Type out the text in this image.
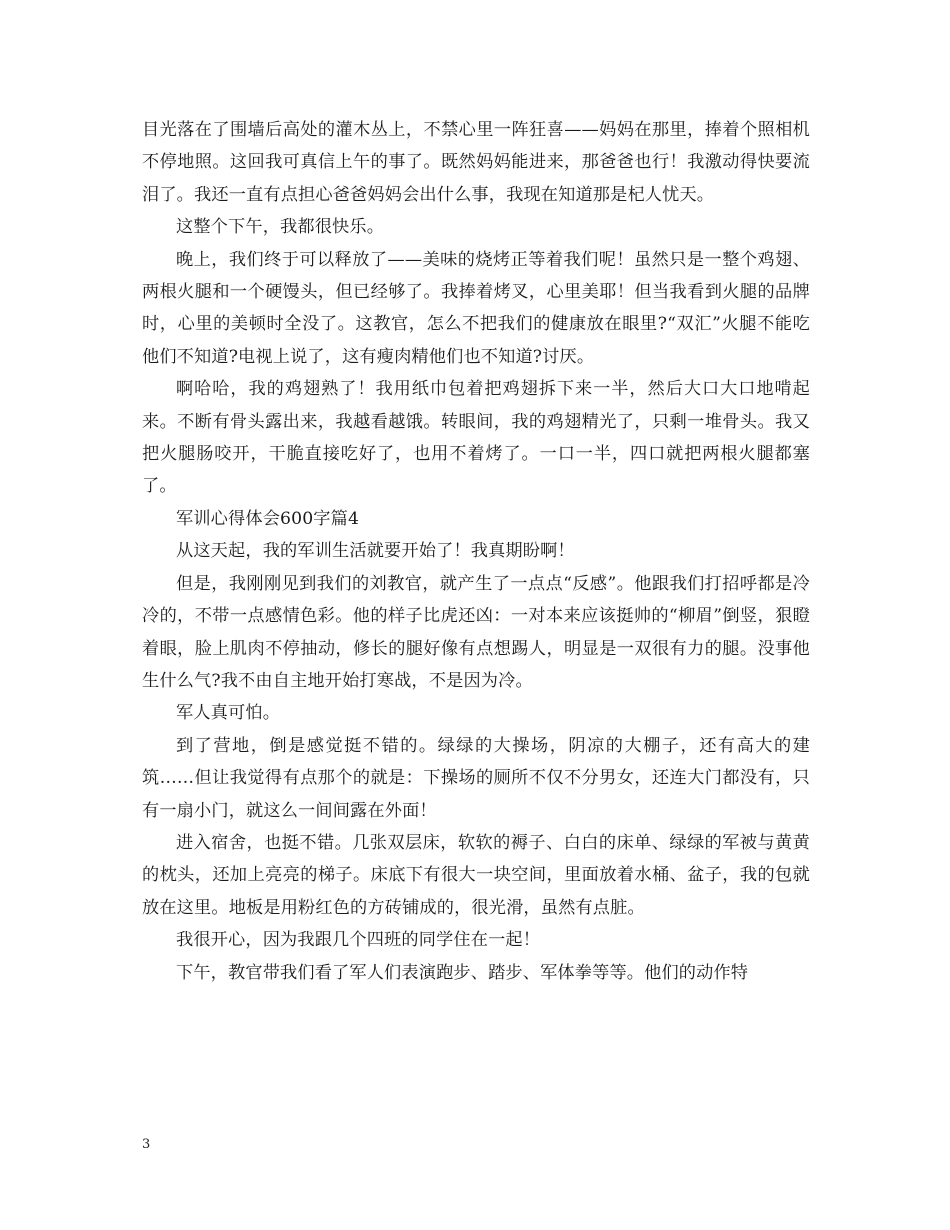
目光落在了围墙后高处的灌木丛上，不禁心里一阵狂喜——妈妈在那里，捧着个照相机不停地照。这回我可真信上午的事了。既然妈妈能进来，那爸爸也行！我激动得快要流泪了。我还一直有点担心爸爸妈妈会出什么事，我现在知道那是杞人忧天。

这整个下午，我都很快乐。

晚上，我们终于可以释放了——美味的烧烤正等着我们呢！虽然只是一整个鸡翅、两根火腿和一个硬馒头，但已经够了。我捧着烤叉，心里美耶！但当我看到火腿的品牌时，心里的美顿时全没了。这教官，怎么不把我们的健康放在眼里?“双汇”火腿不能吃他们不知道?电视上说了，这有瘦肉精他们也不知道?讨厌。

啊哈哈，我的鸡翅熟了！我用纸巾包着把鸡翅拆下来一半，然后大口大口地啃起来。不断有骨头露出来，我越看越饿。转眼间，我的鸡翅精光了，只剩一堆骨头。我又把火腿肠咬开，干脆直接吃好了，也用不着烤了。一口一半，四口就把两根火腿都塞了。

军训心得体会600字篇4

从这天起，我的军训生活就要开始了！我真期盼啊！

但是，我刚刚见到我们的刘教官，就产生了一点点“反感”。他跟我们打招呼都是冷冷的，不带一点感情色彩。他的样子比虎还凶：一对本来应该挺帅的“柳眉”倒竖，狠瞪着眼，脸上肌肉不停抽动，修长的腿好像有点想踢人，明显是一双很有力的腿。没事他生什么气?我不由自主地开始打寒战，不是因为冷。

军人真可怕。

到了营地，倒是感觉挺不错的。绿绿的大操场，阴凉的大棚子，还有高大的建筑……但让我觉得有点那个的就是：下操场的厕所不仅不分男女，还连大门都没有，只有一扇小门，就这么一间间露在外面！

进入宿舍，也挺不错。几张双层床，软软的褥子、白白的床单、绿绿的军被与黄黄的枕头，还加上亮亮的梯子。床底下有很大一块空间，里面放着水桶、盆子，我的包就放在这里。地板是用粉红色的方砖铺成的，很光滑，虽然有点脏。

我很开心，因为我跟几个四班的同学住在一起！

下午，教官带我们看了军人们表演跑步、踏步、军体拳等等。他们的动作特

3
